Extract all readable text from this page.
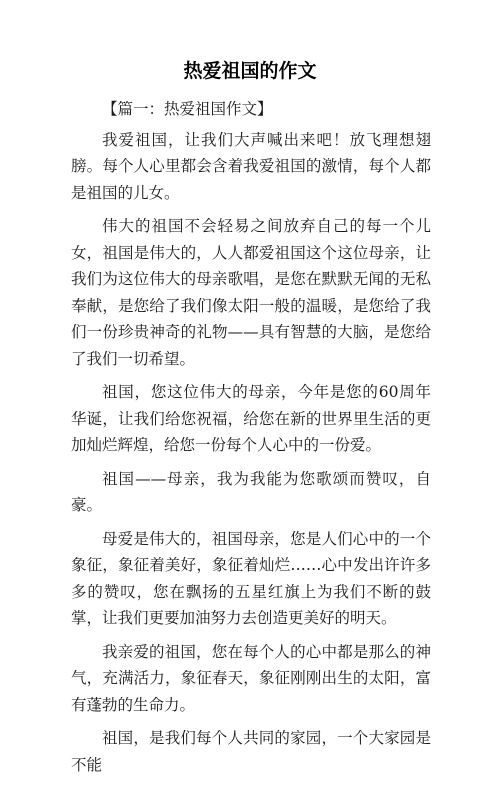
热爱祖国的作文

【篇一：热爱祖国作文】

我爱祖国，让我们大声喊出来吧！放飞理想翅膀。每个人心里都会含着我爱祖国的激情，每个人都是祖国的儿女。

伟大的祖国不会轻易之间放弃自己的每一个儿女，祖国是伟大的，人人都爱祖国这个这位母亲，让我们为这位伟大的母亲歌唱，是您在默默无闻的无私奉献，是您给了我们像太阳一般的温暖，是您给了我们一份珍贵神奇的礼物——具有智慧的大脑，是您给了我们一切希望。

祖国，您这位伟大的母亲，今年是您的60周年华诞，让我们给您祝福，给您在新的世界里生活的更加灿烂辉煌，给您一份每个人心中的一份爱。

祖国——母亲，我为我能为您歌颂而赞叹，自豪。

母爱是伟大的，祖国母亲，您是人们心中的一个象征，象征着美好，象征着灿烂……心中发出许许多多的赞叹，您在飘扬的五星红旗上为我们不断的鼓掌，让我们更要加油努力去创造更美好的明天。

我亲爱的祖国，您在每个人的心中都是那么的神气，充满活力，象征春天，象征刚刚出生的太阳，富有蓬勃的生命力。

祖国，是我们每个人共同的家园，一个大家园是不能
